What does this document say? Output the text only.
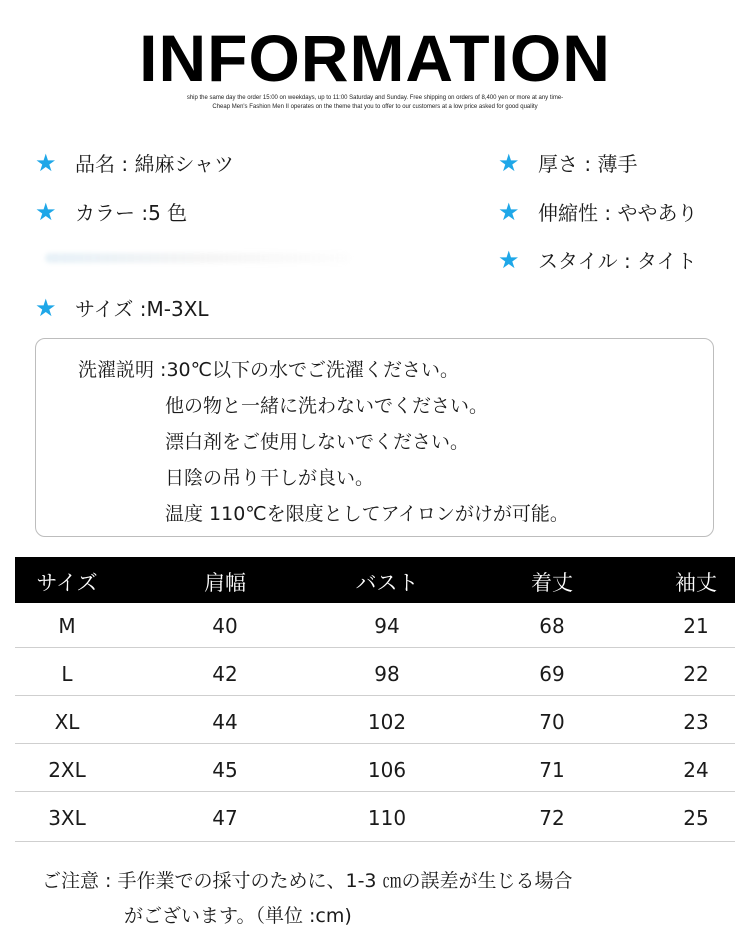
INFORMATION
ship the same day the order 15:00 on weekdays, up to 11:00 Saturday and Sunday. Free shipping on orders of 8,400 yen or more at any time-
Cheap Men's Fashion Men II operates on the theme that you to offer to our customers at a low price asked for good quality
★ 品名 : 綿麻シャツ
★ カラー :5 色
★ サイズ :M-3XL
★ 厚さ : 薄手
★ 伸縮性 : ややあり
★ スタイル : タイト
洗濯説明 :30℃以下の水でご洗濯ください。
他の物と一緒に洗わないでください。
漂白剤をご使用しないでください。
日陰の吊り干しが良い。
温度 110℃を限度としてアイロンがけが可能。
サイズ	肩幅	バスト	着丈	袖丈
M	40	94	68	21
L	42	98	69	22
XL	44	102	70	23
2XL	45	106	71	24
3XL	47	110	72	25
ご注意 : 手作業での採寸のために、1-3 ㎝の誤差が生じる場合
がございます。（単位 :cm)
